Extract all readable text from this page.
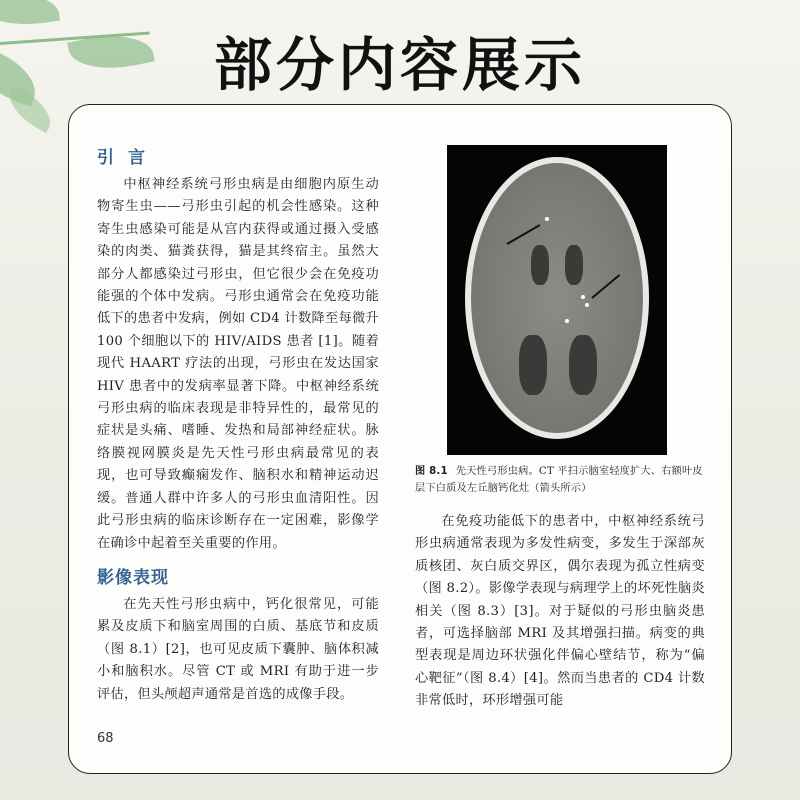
部分内容展示
引言

中枢神经系统弓形虫病是由细胞内原生动物寄生虫——弓形虫引起的机会性感染。这种寄生虫感染可能是从宫内获得或通过摄入受感染的肉类、猫粪获得，猫是其终宿主。虽然大部分人都感染过弓形虫，但它很少会在免疫功能强的个体中发病。弓形虫通常会在免疫功能低下的患者中发病，例如 CD4 计数降至每微升 100 个细胞以下的 HIV/AIDS 患者 [1]。随着现代 HAART 疗法的出现，弓形虫在发达国家 HIV 患者中的发病率显著下降。中枢神经系统弓形虫病的临床表现是非特异性的，最常见的症状是头痛、嗜睡、发热和局部神经症状。脉络膜视网膜炎是先天性弓形虫病最常见的表现，也可导致癫痫发作、脑积水和精神运动迟缓。普通人群中许多人的弓形虫血清阳性。因此弓形虫病的临床诊断存在一定困难，影像学在确诊中起着至关重要的作用。

影像表现

在先天性弓形虫病中，钙化很常见，可能累及皮质下和脑室周围的白质、基底节和皮质（图 8.1）[2]，也可见皮质下囊肿、脑体积减小和脑积水。尽管 CT 或 MRI 有助于进一步评估，但头颅超声通常是首选的成像手段。

图 8.1 先天性弓形虫病。CT 平扫示脑室轻度扩大、右额叶皮层下白质及左丘脑钙化灶（箭头所示）

在免疫功能低下的患者中，中枢神经系统弓形虫病通常表现为多发性病变，多发生于深部灰质核团、灰白质交界区，偶尔表现为孤立性病变（图 8.2）。影像学表现与病理学上的坏死性脑炎相关（图 8.3）[3]。对于疑似的弓形虫脑炎患者，可选择脑部 MRI 及其增强扫描。病变的典型表现是周边环状强化伴偏心壁结节，称为“偏心靶征”（图 8.4）[4]。然而当患者的 CD4 计数非常低时，环形增强可能

68
